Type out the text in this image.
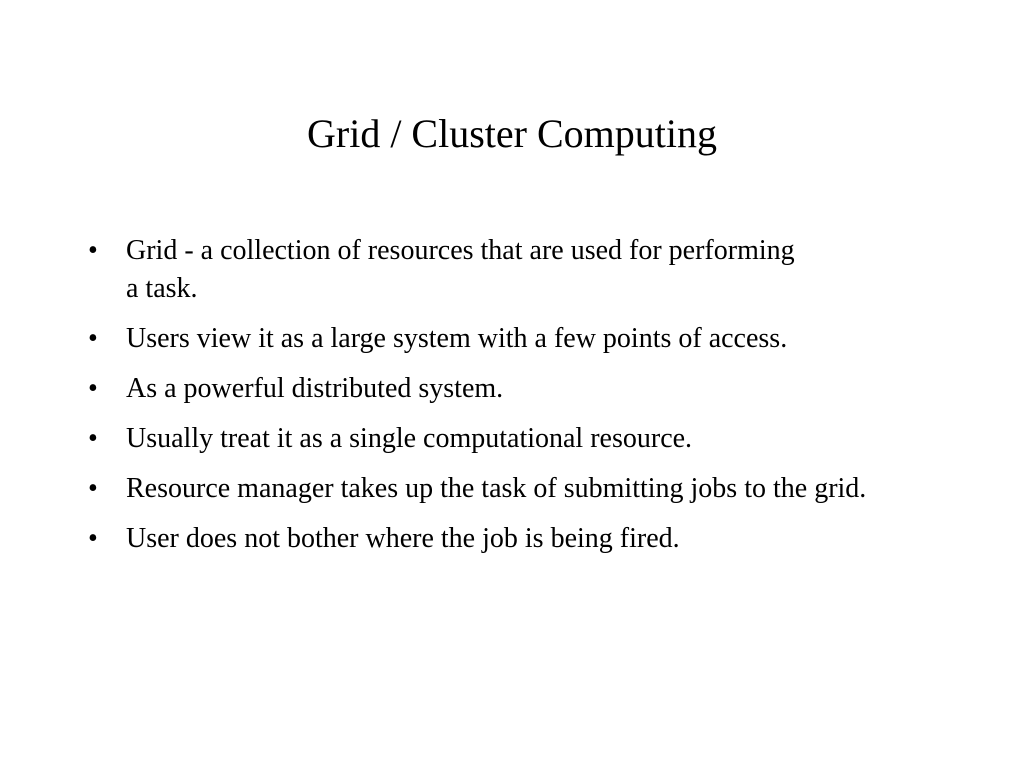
Grid / Cluster Computing
•	Grid - a collection of resources that are used for performing a task.
•	Users view it as a large system with a few points of access.
•	As a powerful distributed system.
•	Usually treat it as a single computational resource.
•	Resource manager takes up the task of submitting jobs to the grid.
•	User does not bother where the job is being fired.
